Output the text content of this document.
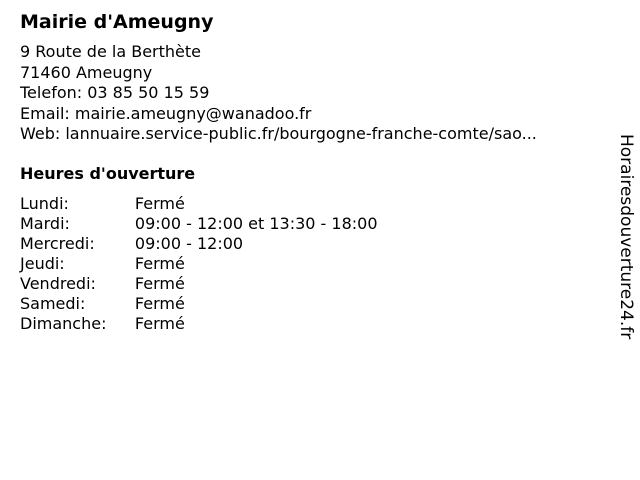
Mairie d'Ameugny
9 Route de la Berthète
71460 Ameugny
Telefon: 03 85 50 15 59
Email: mairie.ameugny@wanadoo.fr
Web: lannuaire.service-public.fr/bourgogne-franche-comte/sao...
Heures d'ouverture
Lundi:	Fermé
Mardi:	09:00 - 12:00 et 13:30 - 18:00
Mercredi:	09:00 - 12:00
Jeudi:	Fermé
Vendredi:	Fermé
Samedi:	Fermé
Dimanche:	Fermé	Horairesdouverture24.fr
